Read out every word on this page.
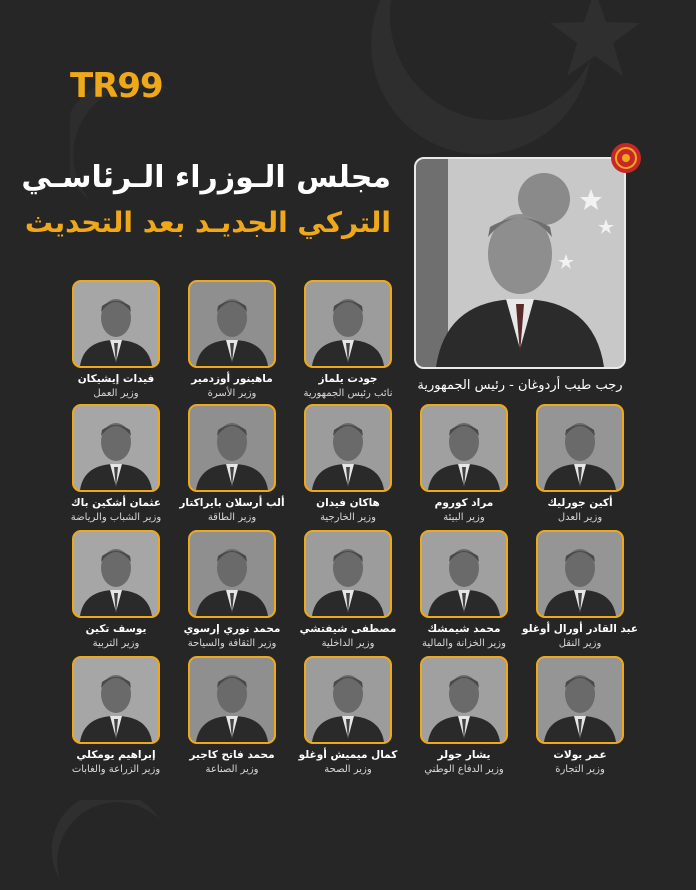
TR99
مجلس الـوزراء الـرئاسـي
التركي الجديـد بعد التحديث
رجب طيب أردوغان - رئيس الجمهورية
جودت يلماز
نائب رئيس الجمهورية
ماهينور أوزدمير
وزير الأسرة
فيدات إيشيكان
وزير العمل
أكين جورليك
وزير العدل
مراد كوروم
وزير البيئة
هاكان فيدان
وزير الخارجية
ألب أرسلان بايراكتار
وزير الطاقة
عثمان أشكين باك
وزير الشباب والرياضة
عبد القادر أورال أوغلو
وزير النقل
محمد شيمشك
وزير الخزانة والمالية
مصطفى شيفتشي
وزير الداخلية
محمد نوري إرسوي
وزير الثقافة والسياحة
يوسف تكين
وزير التربية
عمر بولات
وزير التجارة
يشار جولر
وزير الدفاع الوطني
كمال ميميش أوغلو
وزير الصحة
محمد فاتح كاجير
وزير الصناعة
إبراهيم يومكلي
وزير الزراعة والغابات
